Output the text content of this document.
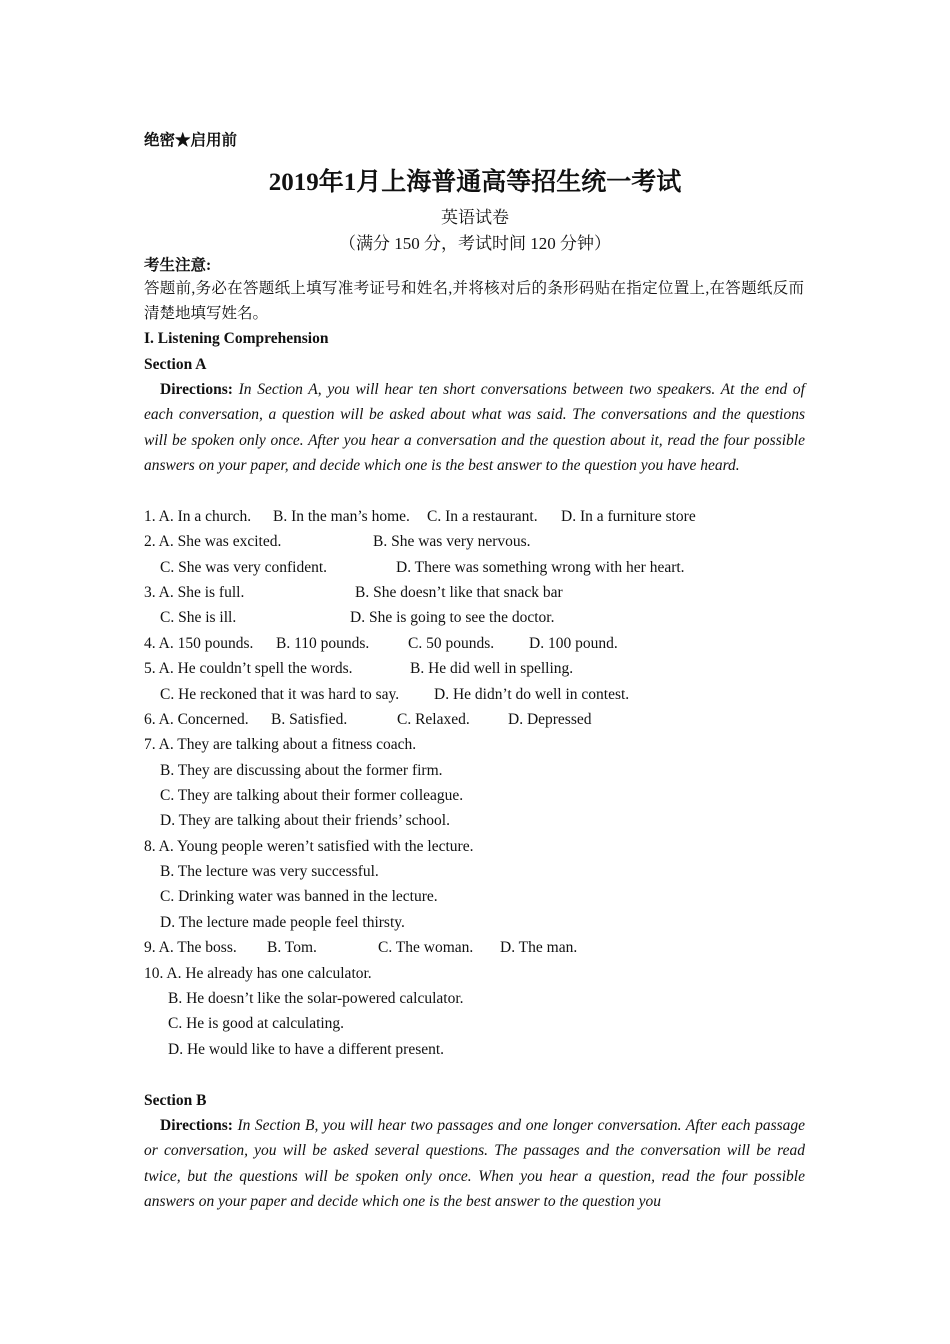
绝密★启用前
2019年1月上海普通高等招生统一考试
英语试卷
（满分 150 分，考试时间 120 分钟）
考生注意:
答题前,务必在答题纸上填写准考证号和姓名,并将核对后的条形码贴在指定位置上,在答题纸反而清楚地填写姓名。
I. Listening Comprehension
Section A
Directions: In Section A, you will hear ten short conversations between two speakers. At the end of each conversation, a question will be asked about what was said. The conversations and the questions will be spoken only once. After you hear a conversation and the question about it, read the four possible answers on your paper, and decide which one is the best answer to the question you have heard.
1. A. In a church. B. In the man’s home. C. In a restaurant. D. In a furniture store
2. A. She was excited.	B. She was very nervous.
C. She was very confident.	D. There was something wrong with her heart.
3. A. She is full.	B. She doesn’t like that snack bar
C. She is ill.	D. She is going to see the doctor.
4. A. 150 pounds. B. 110 pounds. C. 50 pounds. D. 100 pound.
5. A. He couldn’t spell the words.	B. He did well in spelling.
C. He reckoned that it was hard to say. D. He didn’t do well in contest.
6. A. Concerned. B. Satisfied.	C. Relaxed. D. Depressed
7. A. They are talking about a fitness coach.
B. They are discussing about the former firm.
C. They are talking about their former colleague.
D. They are talking about their friends’ school.
8. A. Young people weren’t satisfied with the lecture.
B. The lecture was very successful.
C. Drinking water was banned in the lecture.
D. The lecture made people feel thirsty.
9. A. The boss. B. Tom.	C. The woman. D. The man.
10. A. He already has one calculator.
B. He doesn’t like the solar-powered calculator.
C. He is good at calculating.
D. He would like to have a different present.
Section B
Directions: In Section B, you will hear two passages and one longer conversation. After each passage or conversation, you will be asked several questions. The passages and the conversation will be read twice, but the questions will be spoken only once. When you hear a question, read the four possible answers on your paper and decide which one is the best answer to the question you
